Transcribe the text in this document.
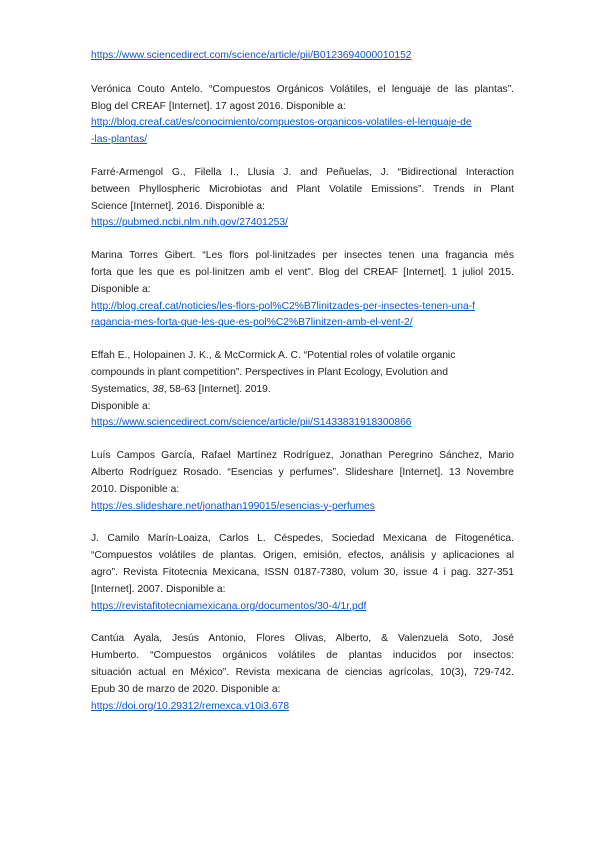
https://www.sciencedirect.com/science/article/pii/B0123694000010152
Verónica Couto Antelo. “Compuestos Orgánicos Volátiles, el lenguaje de las plantas”.
Blog del CREAF [Internet]. 17 agost 2016. Disponible a:
http://blog.creaf.cat/es/conocimiento/compuestos-organicos-volatiles-el-lenguaje-de
-las-plantas/
Farré-Armengol G., Filella I., Llusia J. and Peñuelas, J. “Bidirectional Interaction
between Phyllospheric Microbiotas and Plant Volatile Emissions”. Trends in Plant
Science [Internet]. 2016. Disponible a:
https://pubmed.ncbi.nlm.nih.gov/27401253/
Marina Torres Gibert. “Les flors pol·linitzades per insectes tenen una fragancia més
forta que les que es pol·linitzen amb el vent”. Blog del CREAF [Internet]. 1 juliol 2015.
Disponible a:
http://blog.creaf.cat/noticies/les-flors-pol%C2%B7linitzades-per-insectes-tenen-una-f
ragancia-mes-forta-que-les-que-es-pol%C2%B7linitzen-amb-el-vent-2/
Effah E., Holopainen J. K., & McCormick A. C. “Potential roles of volatile organic
compounds in plant competition”. Perspectives in Plant Ecology, Evolution and
Systematics, 38, 58-63 [Internet]. 2019.
Disponible a:
https://www.sciencedirect.com/science/article/pii/S1433831918300866
Luís Campos García, Rafael Martínez Rodríguez, Jonathan Peregrino Sánchez, Mario
Alberto Rodríguez Rosado. “Esencias y perfumes”. Slideshare [Internet]. 13 Novembre
2010. Disponible a:
https://es.slideshare.net/jonathan199015/esencias-y-perfumes
J. Camilo Marín-Loaiza, Carlos L. Céspedes, Sociedad Mexicana de Fitogenética.
“Compuestos volátiles de plantas. Origen, emisión, efectos, análisis y aplicaciones al
agro”. Revista Fitotecnia Mexicana, ISSN 0187-7380, volum 30, issue 4 i pag. 327-351
[Internet]. 2007. Disponible a:
https://revistafitotecniamexicana.org/documentos/30-4/1r.pdf
Cantúa Ayala, Jesús Antonio, Flores Olivas, Alberto, & Valenzuela Soto, José
Humberto. “Compuestos orgánicos volátiles de plantas inducidos por insectos:
situación actual en México”. Revista mexicana de ciencias agrícolas, 10(3), 729-742.
Epub 30 de marzo de 2020. Disponible a:
https://doi.org/10.29312/remexca.v10i3.678
